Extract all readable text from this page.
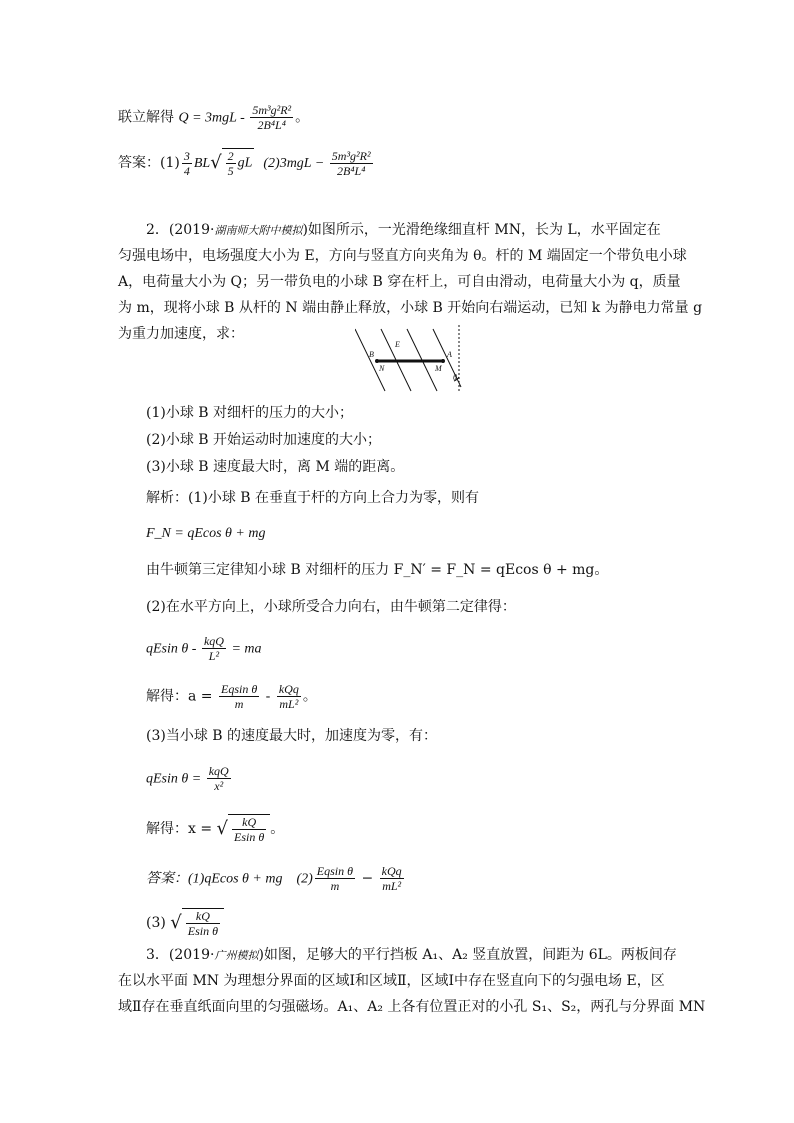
联立解得 $Q = 3mgL - \frac{\text{5m³g²R²}}{\text{2B⁴L⁴}}$ 。
答案：$(1) \frac{3}{4} BL√ \frac{2}{5}$ gL $(2)3mgL - \frac{\text{5m³g²R²}}{\text{2B⁴L⁴}}$
2．(2019·湖南师大附中模拟)如图所示，一光滑绝缘细直杆 MN，长为 L，水平固定在
匀强电场中，电场强度大小为 E，方向与竖直方向夹角为 θ。杆的 M 端固定一个带负电小球
A，电荷量大小为 Q；另一带负电的小球 B 穿在杆上，可自由滑动，电荷量大小为 q，质量
为 m，现将小球 B 从杆的 N 端由静止释放，小球 B 开始向右端运动，已知 k 为静电力常量 g
为重力加速度，求：
B
E
A
N	M
θ
(1)小球 B 对细杆的压力的大小；
(2)小球 B 开始运动时加速度的大小；
(3)小球 B 速度最大时，离 M 端的距离。
解析：(1)小球 B 在垂直于杆的方向上合力为零，则有
F_N = qEcos θ + mg
由牛顿第三定律知小球 B 对细杆的压力 F_N′ = F_N = qEcos θ + mg。
(2)在水平方向上，小球所受合力向右，由牛顿第二定律得：
qEsin θ - $\frac{\text{kqQ}}{\text{L²}}$ = ma
解得：$a = \frac{\text{Eqsin θ}}{m} - \frac{\text{kQq}}{\text{mL²}}$ 。
(3)当小球 B 的速度最大时，加速度为零，有：
qEsin $\theta = \frac{\text{kqQ}}{\text{x²}}$
解得：x = √ $\frac{kQ}{\text{Esin θ}}$ 。
答案：(1)qEcos θ + mg　$(2) \frac{\text{Eqsin θ}}{m} - \frac{\text{kQq}}{\text{mL²}}$
(3) √ $\frac{kQ}{\text{Esin θ}}$
3．(2019·广州模拟)如图，足够大的平行挡板 A₁、A₂ 竖直放置，间距为 6L。两板间存
在以水平面 MN 为理想分界面的区域Ⅰ和区域Ⅱ，区域Ⅰ中存在竖直向下的匀强电场 E，区
域Ⅱ存在垂直纸面向里的匀强磁场。A₁、A₂ 上各有位置正对的小孔 S₁、S₂，两孔与分界面 MN
